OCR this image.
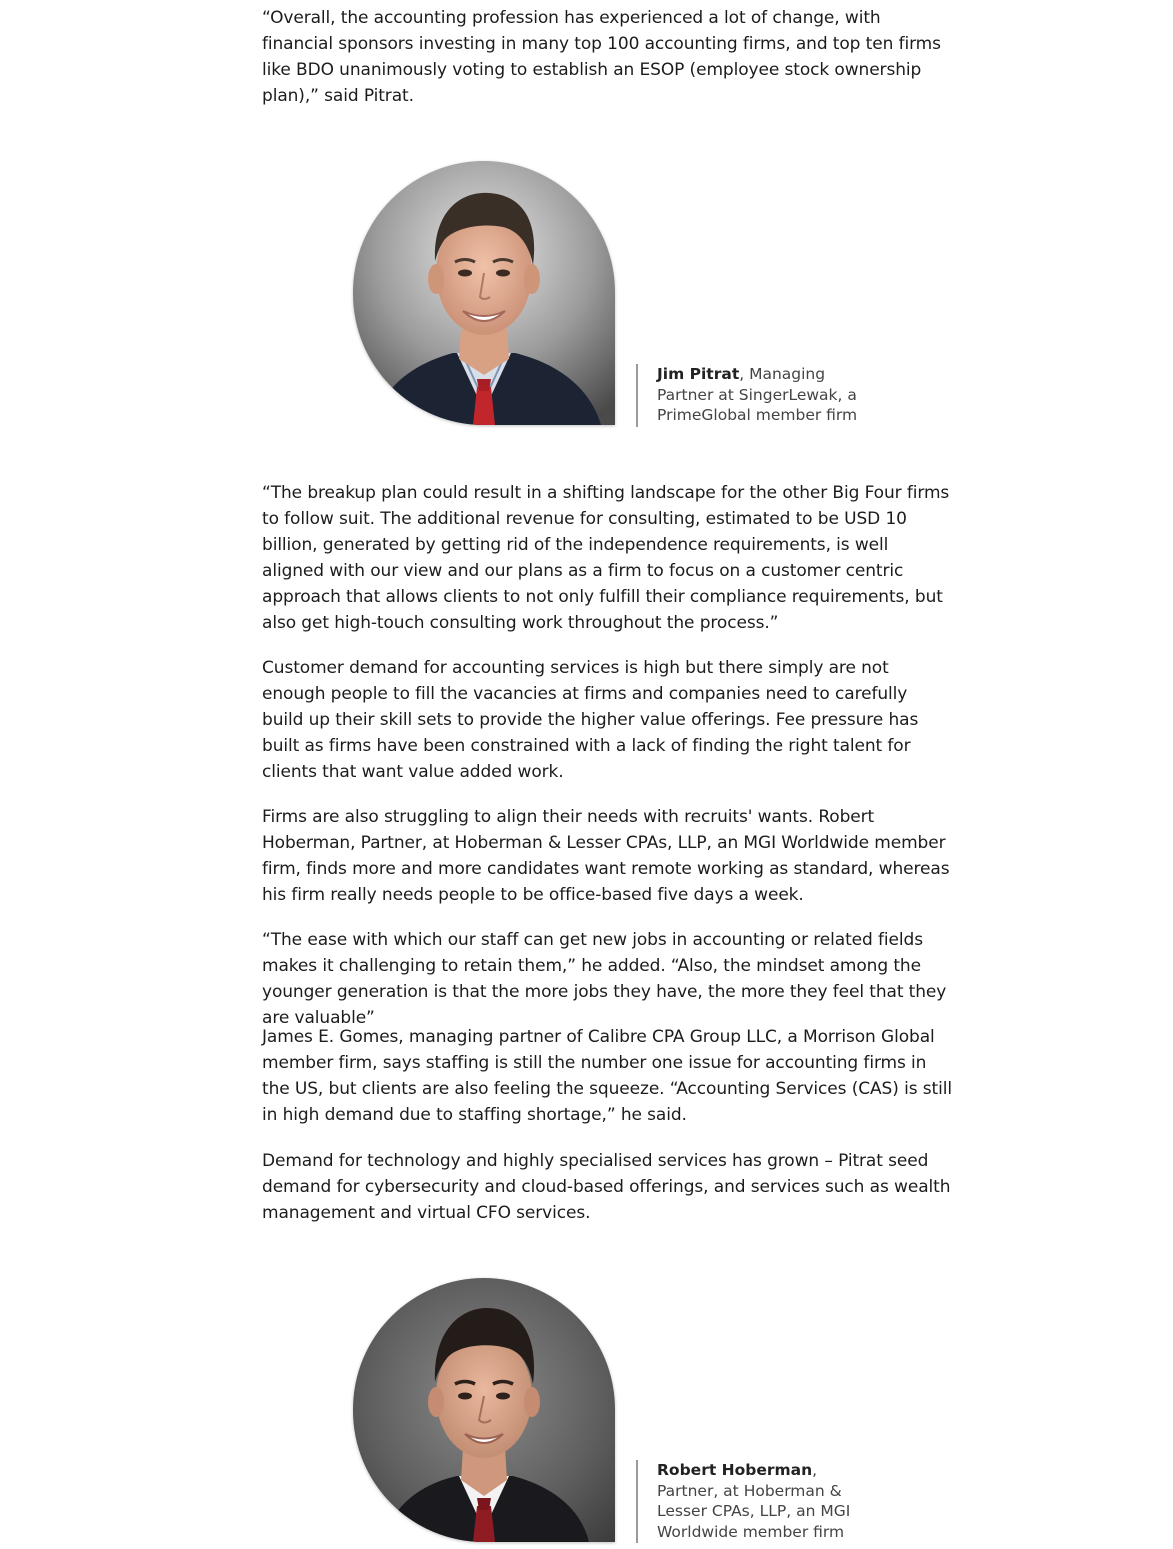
“Overall, the accounting profession has experienced a lot of change, with financial sponsors investing in many top 100 accounting firms, and top ten firms like BDO unanimously voting to establish an ESOP (employee stock ownership plan),” said Pitrat.

“The breakup plan could result in a shifting landscape for the other Big Four firms to follow suit. The additional revenue for consulting, estimated to be USD 10 billion, generated by getting rid of the independence requirements, is well aligned with our view and our plans as a firm to focus on a customer centric approach that allows clients to not only fulfill their compliance requirements, but also get high-touch consulting work throughout the process.”

Customer demand for accounting services is high but there simply are not enough people to fill the vacancies at firms and companies need to carefully build up their skill sets to provide the higher value offerings. Fee pressure has built as firms have been constrained with a lack of finding the right talent for clients that want value added work.

Firms are also struggling to align their needs with recruits' wants. Robert Hoberman, Partner, at Hoberman & Lesser CPAs, LLP, an MGI Worldwide member firm, finds more and more candidates want remote working as standard, whereas his firm really needs people to be office-based five days a week.

“The ease with which our staff can get new jobs in accounting or related fields makes it challenging to retain them,” he added. “Also, the mindset among the younger generation is that the more jobs they have, the more they feel that they are valuable”

James E. Gomes, managing partner of Calibre CPA Group LLC, a Morrison Global member firm, says staffing is still the number one issue for accounting firms in the US, but clients are also feeling the squeeze. “Accounting Services (CAS) is still in high demand due to staffing shortage,” he said.

Demand for technology and highly specialised services has grown – Pitrat seed demand for cybersecurity and cloud-based offerings, and services such as wealth management and virtual CFO services.

Jim Pitrat, Managing Partner at SingerLewak, a PrimeGlobal member firm
Robert Hoberman, Partner, at Hoberman & Lesser CPAs, LLP, an MGI Worldwide member firm
